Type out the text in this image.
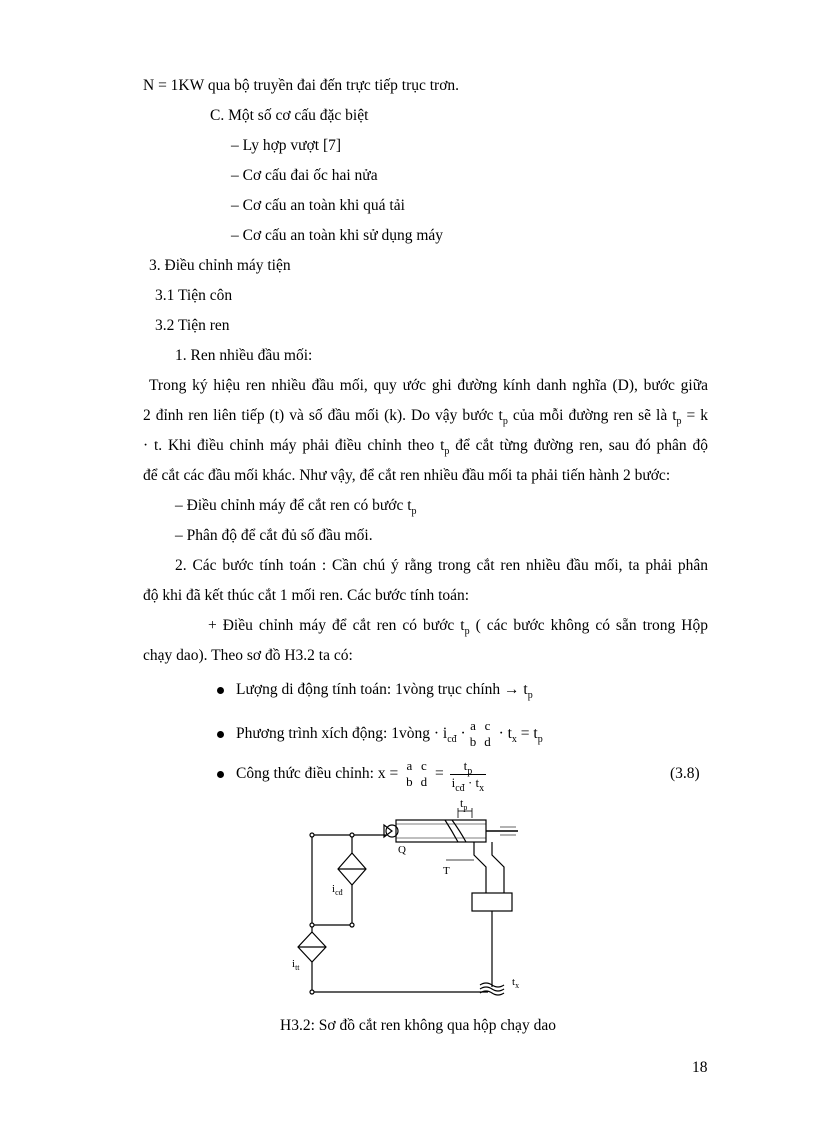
N = 1KW qua bộ truyền đai đến trực tiếp trục trơn.
C. Một số cơ cấu đặc biệt
– Ly hợp vượt [7]
– Cơ cấu đai ốc hai nửa
– Cơ cấu an toàn khi quá tải
– Cơ cấu an toàn khi sử dụng máy
3. Điều chỉnh máy tiện
3.1 Tiện côn
3.2 Tiện ren
1. Ren nhiều đầu mối:
Trong ký hiệu ren nhiều đầu mối, quy ước ghi đường kính danh nghĩa (D), bước giữa
2 đỉnh ren liên tiếp (t) và số đầu mối (k). Do vậy bước $t_p$ của mỗi đường ren sẽ là $t_p = k$
· t. Khi điều chỉnh máy phải điều chỉnh theo $t_p$ để cắt từng đường ren, sau đó phân độ
để cắt các đầu mối khác. Như vậy, để cắt ren nhiều đầu mối ta phải tiến hành 2 bước:
– Điều chỉnh máy để cắt ren có bước $t_p$
– Phân độ để cắt đủ số đầu mối.
2. Các bước tính toán : Cần chú ý rằng trong cắt ren nhiều đầu mối, ta phải phân
độ khi đã kết thúc cắt 1 mối ren. Các bước tính toán:
+ Điều chỉnh máy để cắt ren có bước $t_p$ ( các bước không có sẵn trong Hộp
chạy dao). Theo sơ đồ H3.2 ta có:
Lượng di động tính toán: 1vòng trục chính → $t_p$
Phương trình xích động: 1vòng · $i_{cđ} \cdot a$
b
c
$d \cdot t_x = t_p$
Công thức điều chỉnh: x = a
b
c
$d = \frac{t_p}{i_{cđ} \cdot t_x}$	(3.8)
$t_p$
Q
T
$i_{cđ}$
$i_{tt}$
$t_x$
H3.2: Sơ đồ cắt ren không qua hộp chạy dao
18
